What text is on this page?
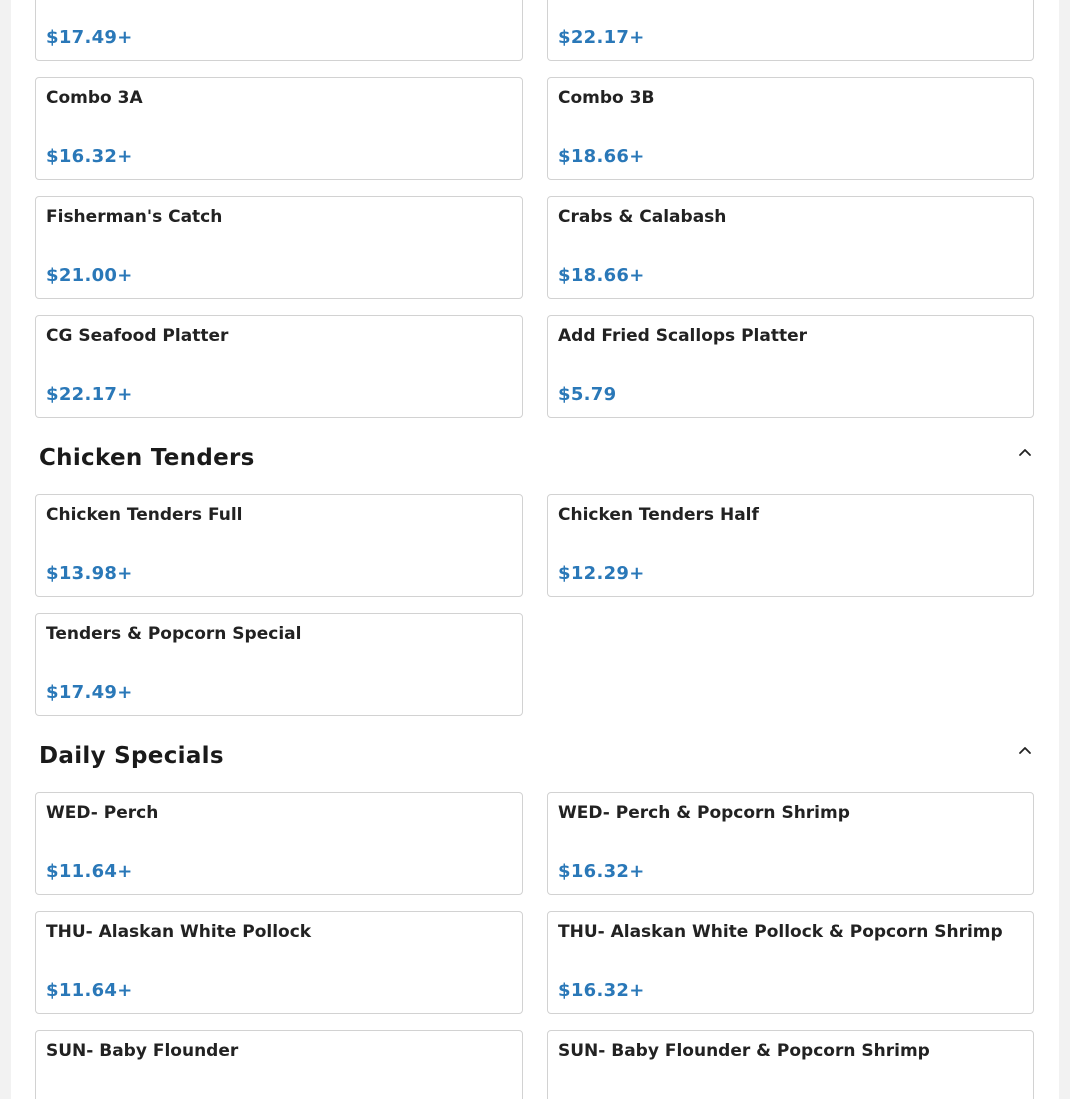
$17.49+	$22.17+
Combo 3A
$16.32+
Combo 3B
$18.66+
Fisherman's Catch
$21.00+
Crabs & Calabash
$18.66+
CG Seafood Platter
$22.17+
Add Fried Scallops Platter
$5.79
Chicken Tenders
Chicken Tenders Full
$13.98+
Chicken Tenders Half
$12.29+
Tenders & Popcorn Special
$17.49+
Daily Specials
WED- Perch
$11.64+
WED- Perch & Popcorn Shrimp
$16.32+
THU- Alaskan White Pollock
$11.64+
THU- Alaskan White Pollock & Popcorn Shrimp
$16.32+
SUN- Baby Flounder	SUN- Baby Flounder & Popcorn Shrimp
